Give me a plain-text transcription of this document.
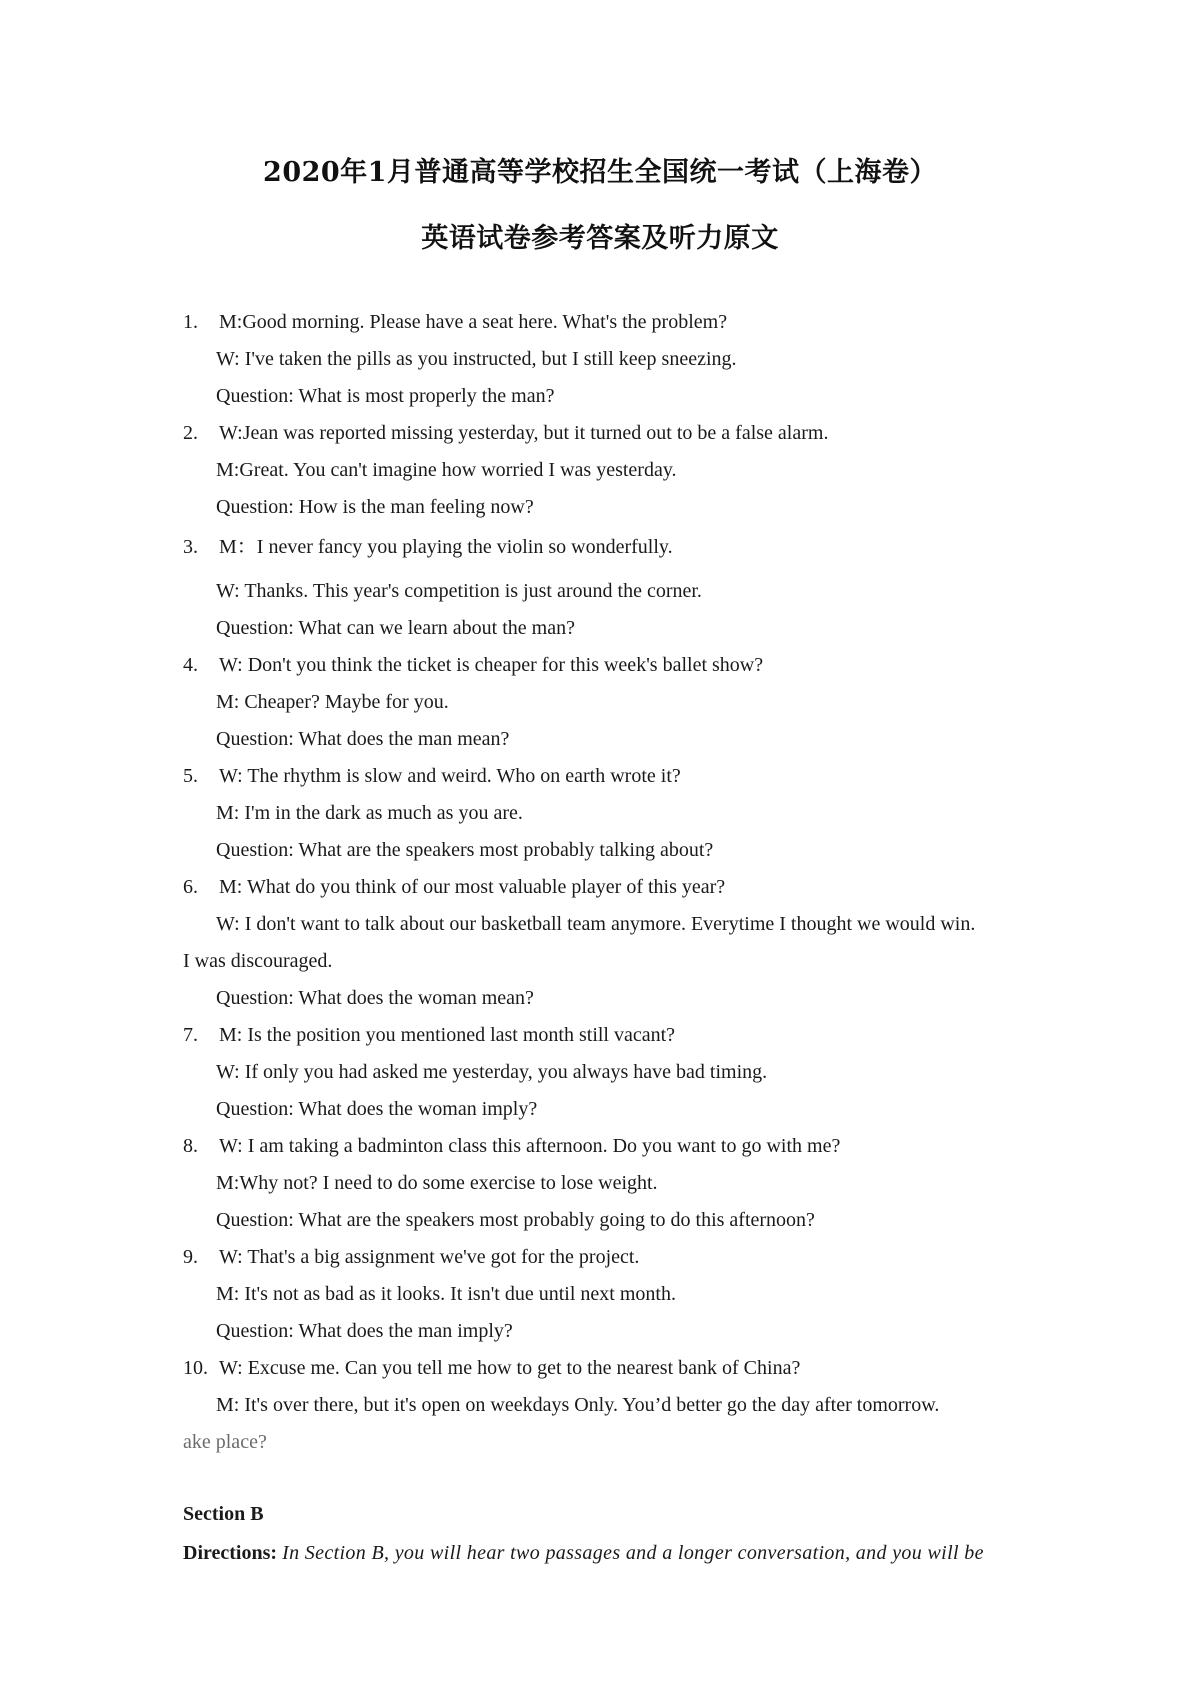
2020年1月普通高等学校招生全国统一考试（上海卷）
英语试卷参考答案及听力原文
1. M:Good morning. Please have a seat here. What's the problem?
W: I've taken the pills as you instructed, but I still keep sneezing.
Question: What is most properly the man?
2. W:Jean was reported missing yesterday, but it turned out to be a false alarm.
M:Great. You can't imagine how worried I was yesterday.
Question: How is the man feeling now?
3. M：I never fancy you playing the violin so wonderfully.
W: Thanks. This year's competition is just around the corner.
Question: What can we learn about the man?
4. W: Don't you think the ticket is cheaper for this week's ballet show?
M: Cheaper? Maybe for you.
Question: What does the man mean?
5. W: The rhythm is slow and weird. Who on earth wrote it?
M: I'm in the dark as much as you are.
Question: What are the speakers most probably talking about?
6. M: What do you think of our most valuable player of this year?
W: I don't want to talk about our basketball team anymore. Everytime I thought we would win.
I was discouraged.
Question: What does the woman mean?
7. M: Is the position you mentioned last month still vacant?
W: If only you had asked me yesterday, you always have bad timing.
Question: What does the woman imply?
8. W: I am taking a badminton class this afternoon. Do you want to go with me?
M:Why not? I need to do some exercise to lose weight.
Question: What are the speakers most probably going to do this afternoon?
9. W: That's a big assignment we've got for the project.
M: It's not as bad as it looks. It isn't due until next month.
Question: What does the man imply?
10. W: Excuse me. Can you tell me how to get to the nearest bank of China?
M: It's over there, but it's open on weekdays Only. You’d better go the day after tomorrow.
ake place?
Section B
Directions: In Section B, you will hear two passages and a longer conversation, and you will be
